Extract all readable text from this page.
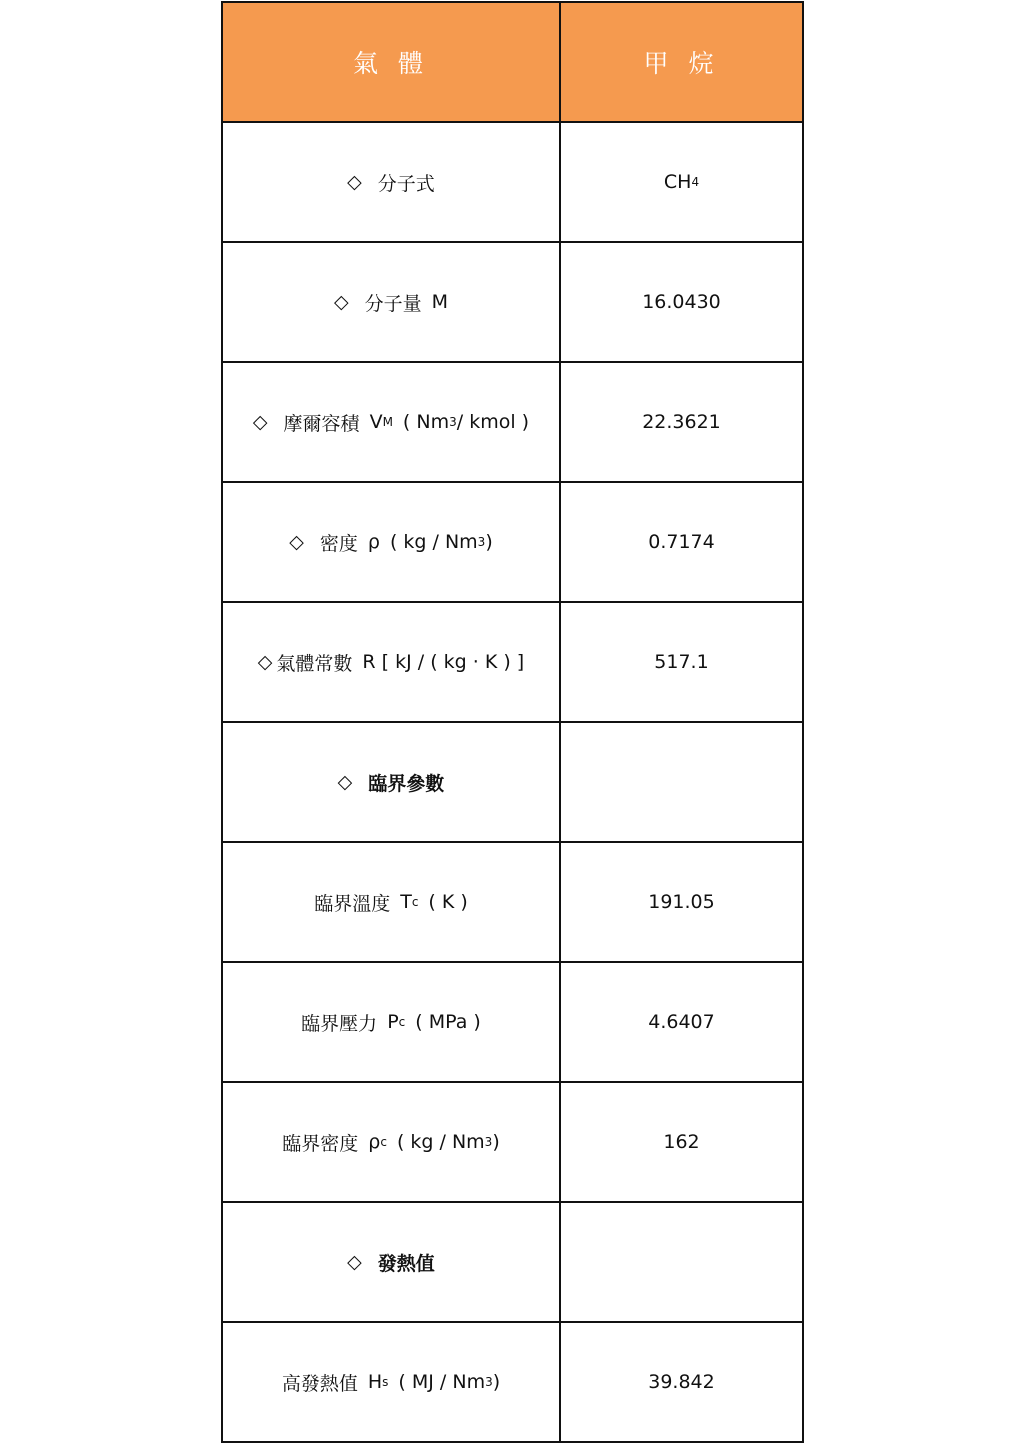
氣 體	甲 烷
◇ 分子式	CH 4
◇ 分子量 M	16.0430
◇ 摩爾容積 V M ( Nm 3 / kmol )	22.3621
◇ 密度 ρ ( kg / Nm 3 )	0.7174
◇ 氣體常數 R [ kJ / ( kg · K ) ]	517.1
◇ 臨界參數
臨界溫度 T c ( K )	191.05
臨界壓力 P c ( MPa )	4.6407
臨界密度 ρ c ( kg / Nm 3 )	162
◇ 發熱值
高發熱值 H s ( MJ / Nm 3 )	39.842
